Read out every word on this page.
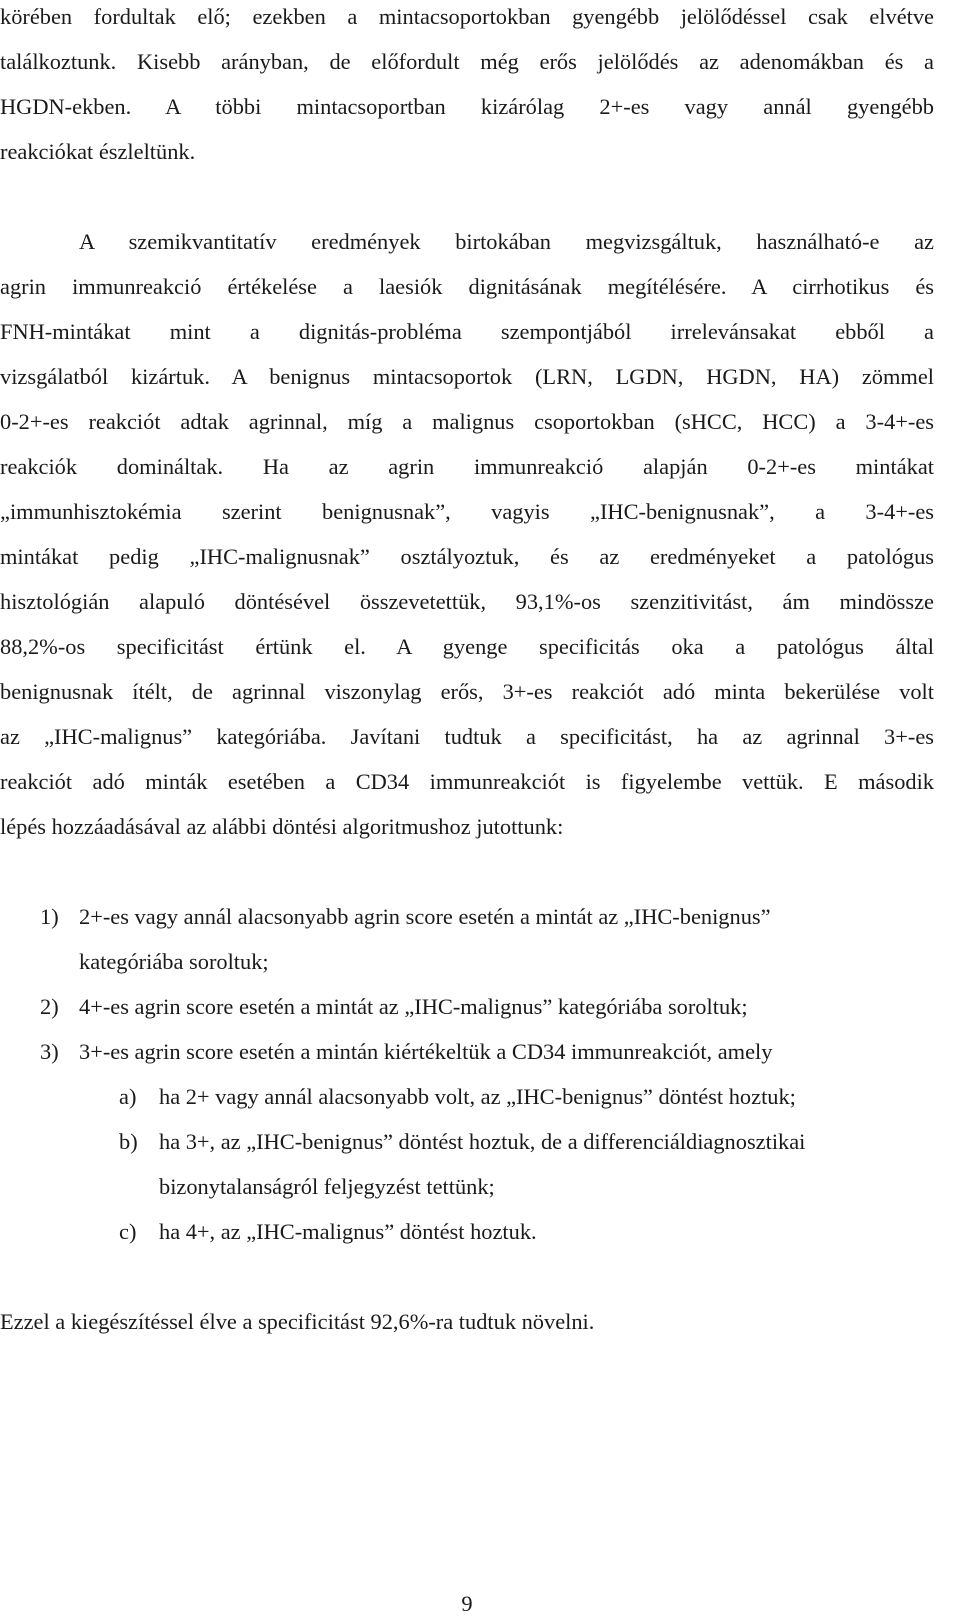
körében fordultak elő; ezekben a mintacsoportokban gyengébb jelölődéssel csak elvétve
találkoztunk. Kisebb arányban, de előfordult még erős jelölődés az adenomákban és a
HGDN-ekben. A többi mintacsoportban kizárólag 2+-es vagy annál gyengébb
reakciókat észleltünk.
A szemikvantitatív eredmények birtokában megvizsgáltuk, használható-e az
agrin immunreakció értékelése a laesiók dignitásának megítélésére. A cirrhotikus és
FNH-mintákat mint a dignitás-probléma szempontjából irrelevánsakat ebből a
vizsgálatból kizártuk. A benignus mintacsoportok (LRN, LGDN, HGDN, HA) zömmel
0-2+-es reakciót adtak agrinnal, míg a malignus csoportokban (sHCC, HCC) a 3-4+-es
reakciók domináltak. Ha az agrin immunreakció alapján 0-2+-es mintákat
„immunhisztokémia szerint benignusnak”, vagyis „IHC-benignusnak”, a 3-4+-es
mintákat pedig „IHC-malignusnak” osztályoztuk, és az eredményeket a patológus
hisztológián alapuló döntésével összevetettük, 93,1%-os szenzitivitást, ám mindössze
88,2%-os specificitást értünk el. A gyenge specificitás oka a patológus által
benignusnak ítélt, de agrinnal viszonylag erős, 3+-es reakciót adó minta bekerülése volt
az „IHC-malignus” kategóriába. Javítani tudtuk a specificitást, ha az agrinnal 3+-es
reakciót adó minták esetében a CD34 immunreakciót is figyelembe vettük. E második
lépés hozzáadásával az alábbi döntési algoritmushoz jutottunk:
1) 2+-es vagy annál alacsonyabb agrin score esetén a mintát az „IHC-benignus”
kategóriába soroltuk;
2) 4+-es agrin score esetén a mintát az „IHC-malignus” kategóriába soroltuk;
3) 3+-es agrin score esetén a mintán kiértékeltük a CD34 immunreakciót, amely
a) ha 2+ vagy annál alacsonyabb volt, az „IHC-benignus” döntést hoztuk;
b) ha 3+, az „IHC-benignus” döntést hoztuk, de a differenciáldiagnosztikai
bizonytalanságról feljegyzést tettünk;
c) ha 4+, az „IHC-malignus” döntést hoztuk.
Ezzel a kiegészítéssel élve a specificitást 92,6%-ra tudtuk növelni.
9
